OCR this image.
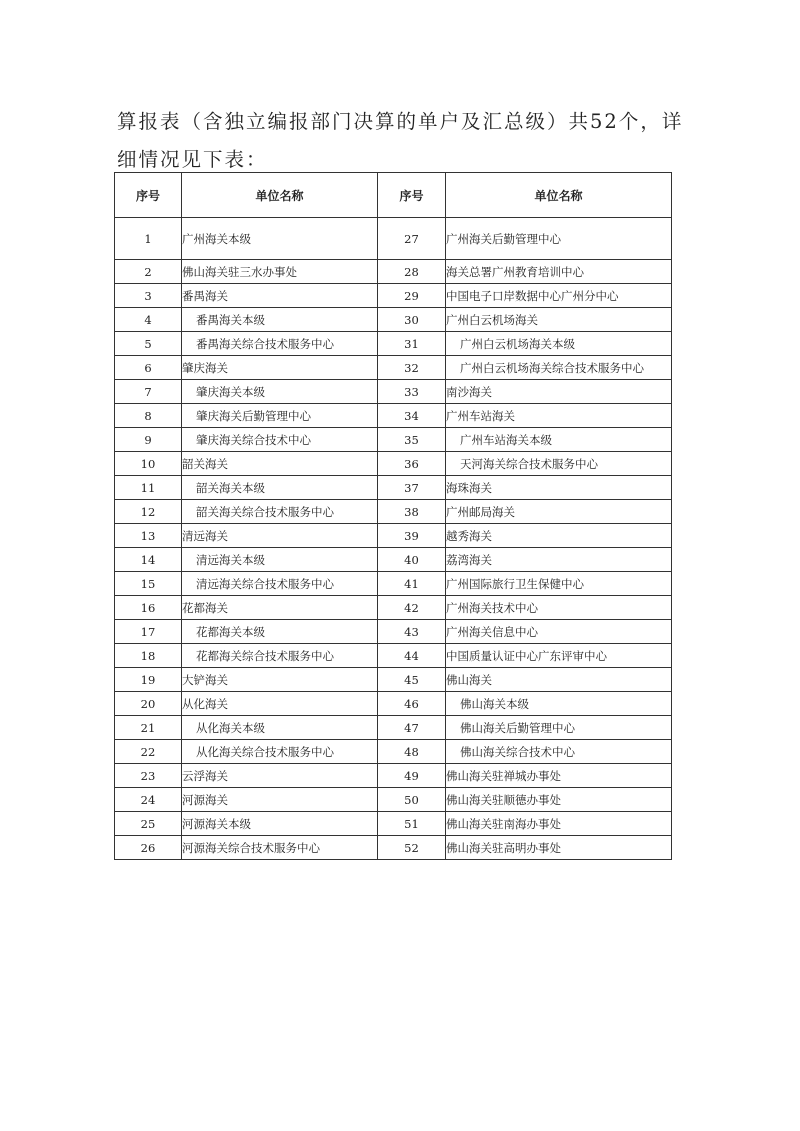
算报表（含独立编报部门决算的单户及汇总级）共52个，详细情况见下表：

序号	单位名称	序号	单位名称
1	广州海关本级	27	广州海关后勤管理中心
2	佛山海关驻三水办事处	28	海关总署广州教育培训中心
3	番禺海关	29	中国电子口岸数据中心广州分中心
4	番禺海关本级	30	广州白云机场海关
5	番禺海关综合技术服务中心	31	广州白云机场海关本级
6	肇庆海关	32	广州白云机场海关综合技术服务中心
7	肇庆海关本级	33	南沙海关
8	肇庆海关后勤管理中心	34	广州车站海关
9	肇庆海关综合技术中心	35	广州车站海关本级
10	韶关海关	36	天河海关综合技术服务中心
11	韶关海关本级	37	海珠海关
12	韶关海关综合技术服务中心	38	广州邮局海关
13	清远海关	39	越秀海关
14	清远海关本级	40	荔湾海关
15	清远海关综合技术服务中心	41	广州国际旅行卫生保健中心
16	花都海关	42	广州海关技术中心
17	花都海关本级	43	广州海关信息中心
18	花都海关综合技术服务中心	44	中国质量认证中心广东评审中心
19	大铲海关	45	佛山海关
20	从化海关	46	佛山海关本级
21	从化海关本级	47	佛山海关后勤管理中心
22	从化海关综合技术服务中心	48	佛山海关综合技术中心
23	云浮海关	49	佛山海关驻禅城办事处
24	河源海关	50	佛山海关驻顺德办事处
25	河源海关本级	51	佛山海关驻南海办事处
26	河源海关综合技术服务中心	52	佛山海关驻高明办事处
